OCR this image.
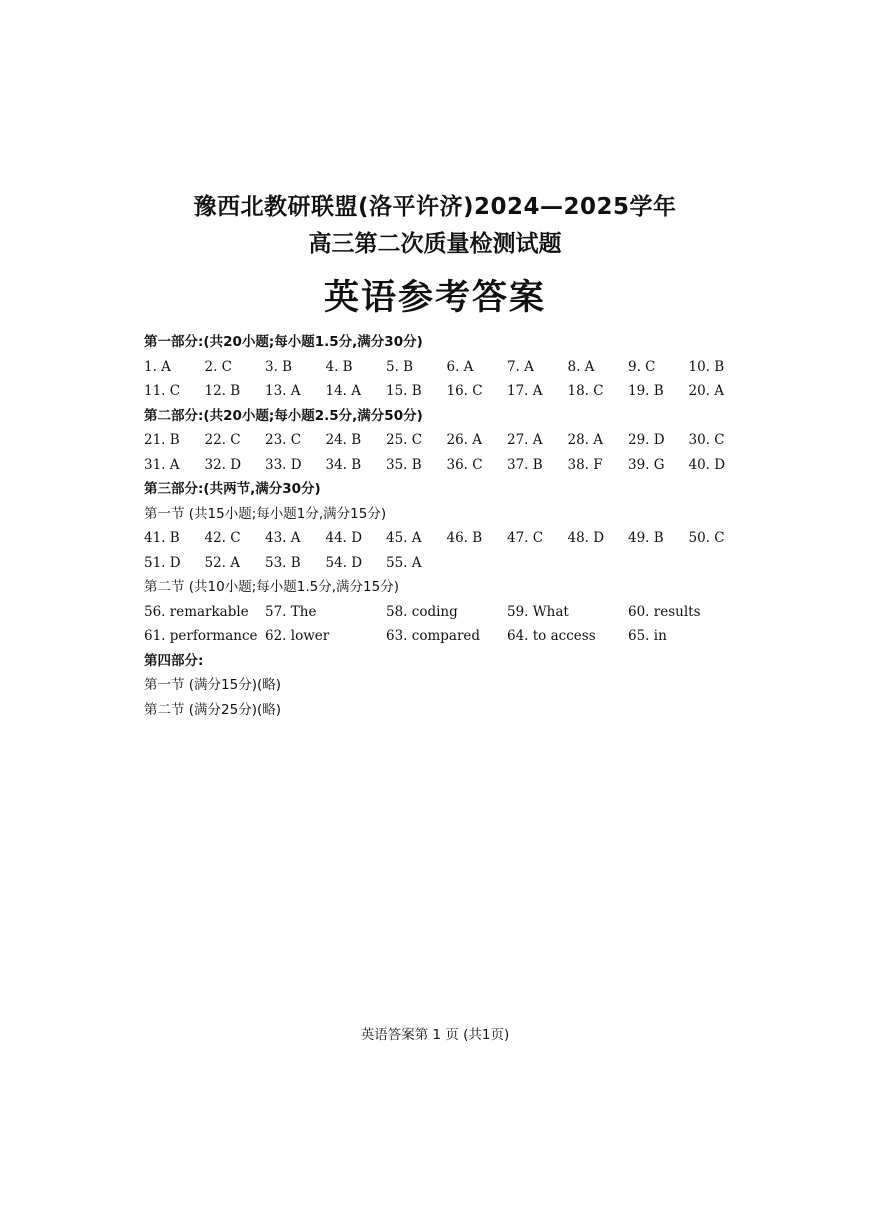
豫西北教研联盟(洛平许济)2024—2025学年
高三第二次质量检测试题
英语参考答案
第一部分:(共20小题;每小题1.5分,满分30分)
1. A 2. C 3. B 4. B 5. B 6. A 7. A 8. A 9. C 10. B
11. C 12. B 13. A 14. A 15. B 16. C 17. A 18. C 19. B 20. A
第二部分:(共20小题;每小题2.5分,满分50分)
21. B 22. C 23. C 24. B 25. C 26. A 27. A 28. A 29. D 30. C
31. A 32. D 33. D 34. B 35. B 36. C 37. B 38. F 39. G 40. D
第三部分:(共两节,满分30分)
第一节 (共15小题;每小题1分,满分15分)
41. B 42. C 43. A 44. D 45. A 46. B 47. C 48. D 49. B 50. C
51. D 52. A 53. B 54. D 55. A
第二节 (共10小题;每小题1.5分,满分15分)
56. remarkable 57. The	58. coding	59. What	60. results
61. performance 62. lower	63. compared 64. to access 65. in
第四部分:
第一节 (满分15分)(略)
第二节 (满分25分)(略)
英语答案第 1 页 (共1页)
